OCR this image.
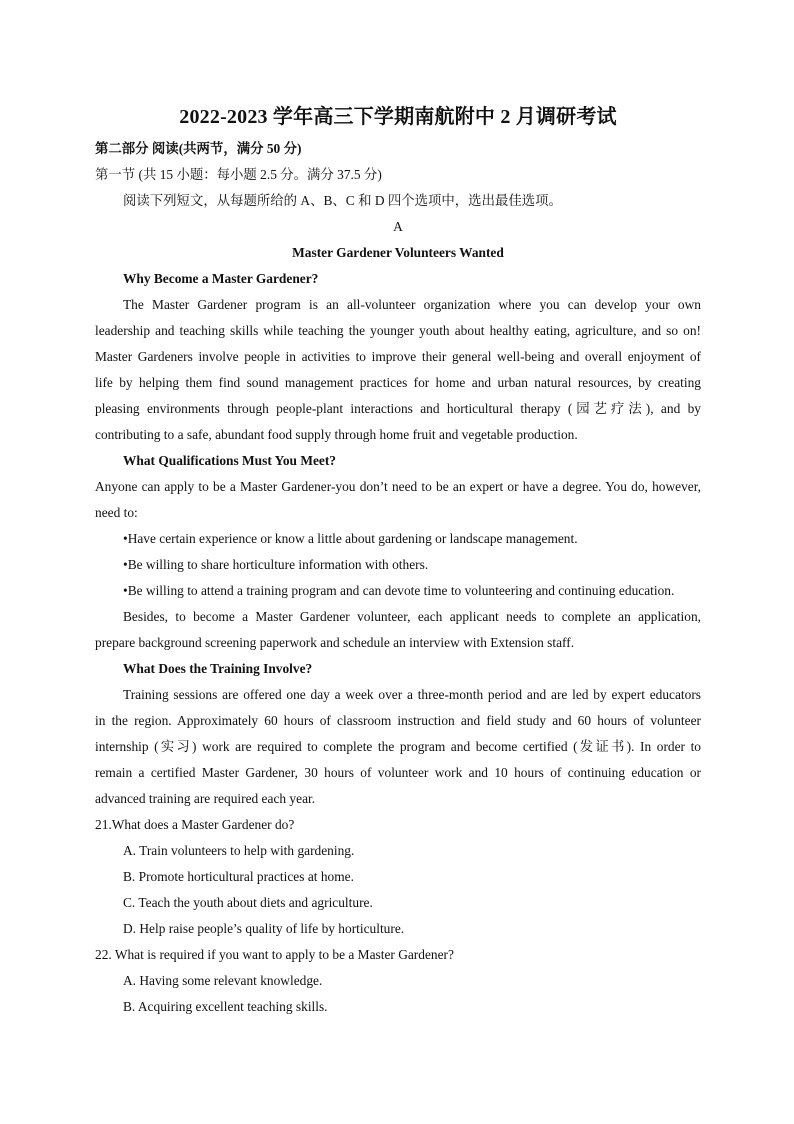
2022-2023 学年高三下学期南航附中 2 月调研考试

第二部分 阅读(共两节，满分 50 分)

第一节 (共 15 小题：每小题 2.5 分。满分 37.5 分)

阅读下列短文，从每题所给的 A、B、C 和 D 四个选项中，选出最佳选项。

A

Master Gardener Volunteers Wanted

Why Become a Master Gardener?

The Master Gardener program is an all-volunteer organization where you can develop your own

leadership and teaching skills while teaching the younger youth about healthy eating, agriculture, and so on!

Master Gardeners involve people in activities to improve their general well-being and overall enjoyment of

life by helping them find sound management practices for home and urban natural resources, by creating

pleasing environments through people-plant interactions and horticultural therapy (园艺疗法), and by

contributing to a safe, abundant food supply through home fruit and vegetable production.

What Qualifications Must You Meet?

Anyone can apply to be a Master Gardener-you don’t need to be an expert or have a degree. You do, however,

need to:

•Have certain experience or know a little about gardening or landscape management.

•Be willing to share horticulture information with others.

•Be willing to attend a training program and can devote time to volunteering and continuing education.

Besides, to become a Master Gardener volunteer, each applicant needs to complete an application,

prepare background screening paperwork and schedule an interview with Extension staff.

What Does the Training Involve?

Training sessions are offered one day a week over a three-month period and are led by expert educators

in the region. Approximately 60 hours of classroom instruction and field study and 60 hours of volunteer

internship (实习) work are required to complete the program and become certified (发证书). In order to

remain a certified Master Gardener, 30 hours of volunteer work and 10 hours of continuing education or

advanced training are required each year.

21.What does a Master Gardener do?

A. Train volunteers to help with gardening.

B. Promote horticultural practices at home.

C. Teach the youth about diets and agriculture.

D. Help raise people’s quality of life by horticulture.

22. What is required if you want to apply to be a Master Gardener?

A. Having some relevant knowledge.

B. Acquiring excellent teaching skills.
